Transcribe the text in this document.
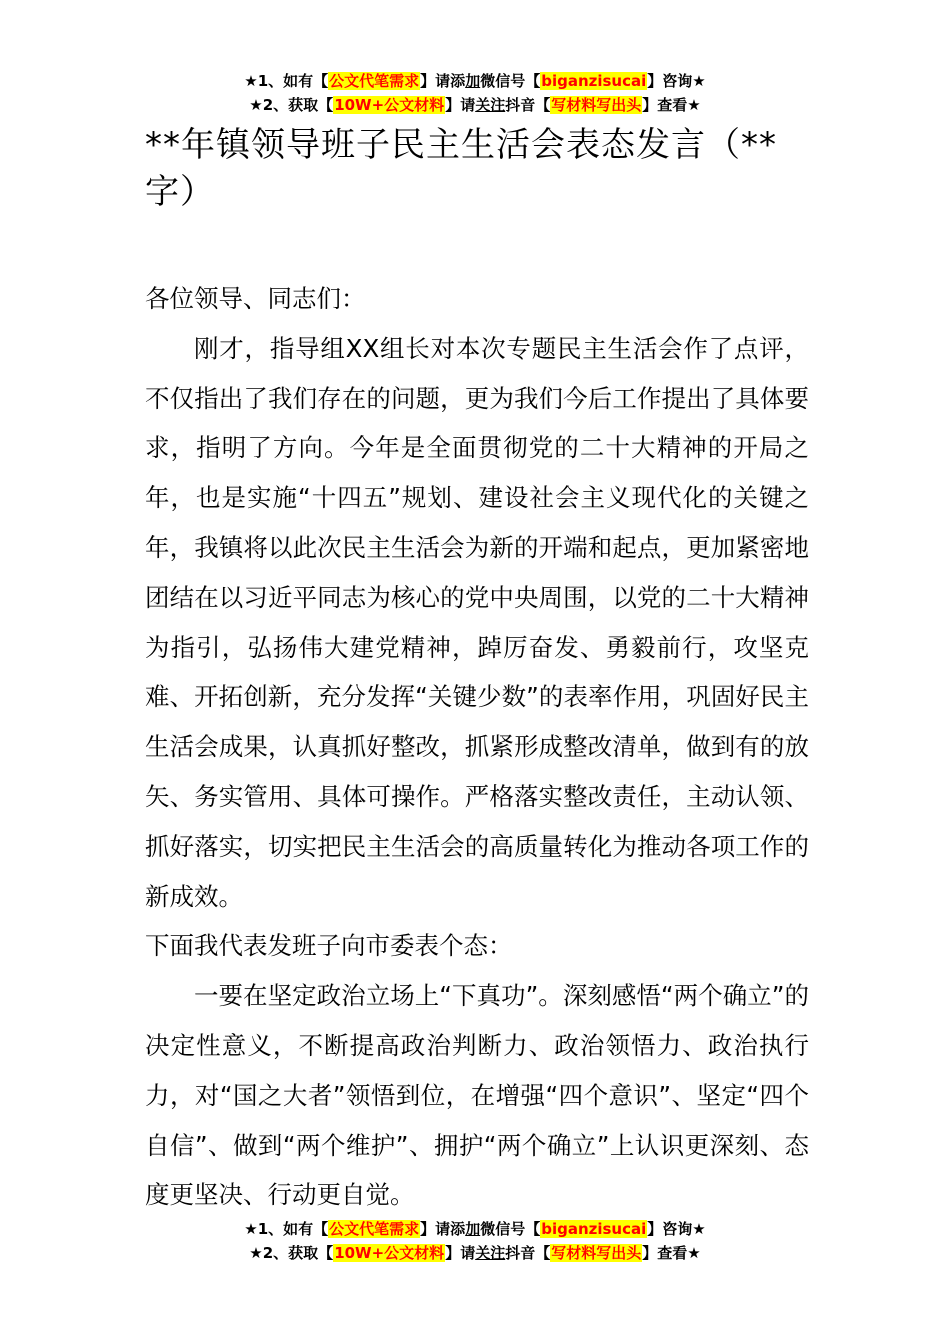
★1、如有【公文代笔需求】请添加微信号【biganzisucai】咨询★
★2、获取【10W+公文材料】请关注抖音【写材料写出头】查看★
**年镇领导班子民主生活会表态发言（**字）

各位领导、同志们：

刚才，指导组XX组长对本次专题民主生活会作了点评，不仅指出了我们存在的问题，更为我们今后工作提出了具体要求，指明了方向。今年是全面贯彻党的二十大精神的开局之年，也是实施“十四五”规划、建设社会主义现代化的关键之年，我镇将以此次民主生活会为新的开端和起点，更加紧密地团结在以习近平同志为核心的党中央周围，以党的二十大精神为指引，弘扬伟大建党精神，踔厉奋发、勇毅前行，攻坚克难、开拓创新，充分发挥“关键少数”的表率作用，巩固好民主生活会成果，认真抓好整改，抓紧形成整改清单，做到有的放矢、务实管用、具体可操作。严格落实整改责任，主动认领、抓好落实，切实把民主生活会的高质量转化为推动各项工作的新成效。

下面我代表发班子向市委表个态：

一要在坚定政治立场上“下真功”。深刻感悟“两个确立”的决定性意义，不断提高政治判断力、政治领悟力、政治执行力，对“国之大者”领悟到位，在增强“四个意识”、坚定“四个自信”、做到“两个维护”、拥护“两个确立”上认识更深刻、态度更坚决、行动更自觉。

★1、如有【公文代笔需求】请添加微信号【biganzisucai】咨询★
★2、获取【10W+公文材料】请关注抖音【写材料写出头】查看★
